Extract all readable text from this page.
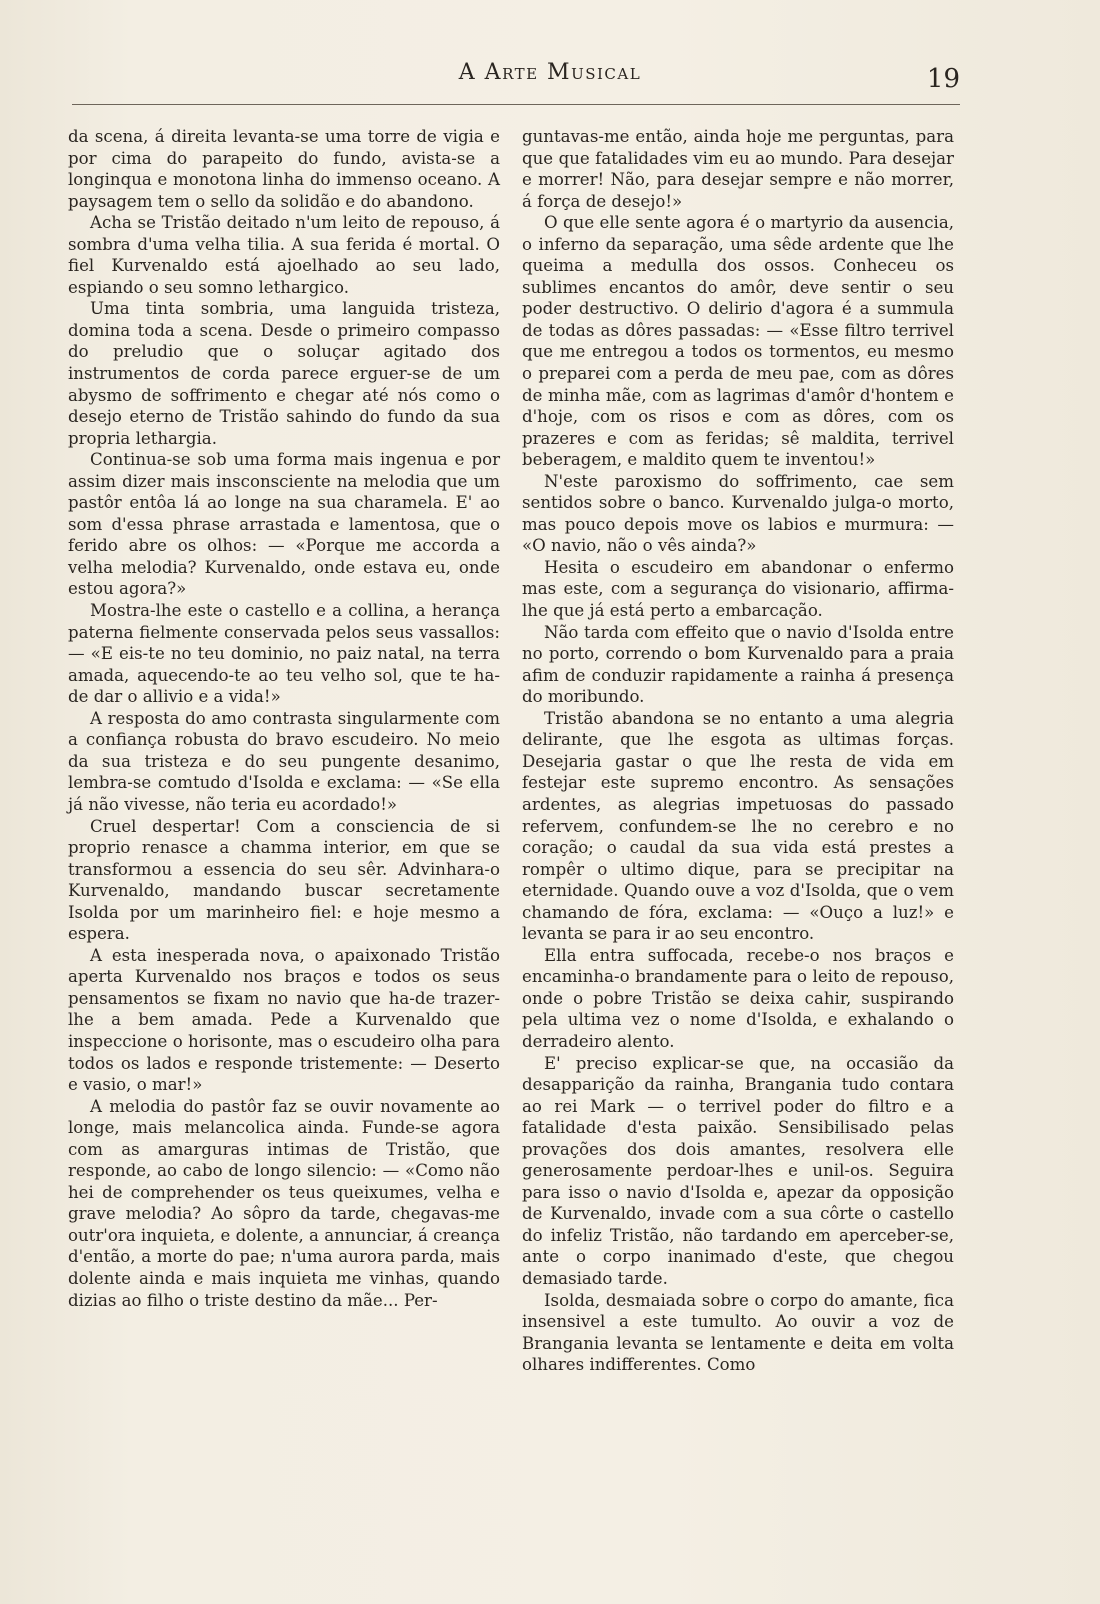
A Arte Musical	19

da scena, á direita levanta-se uma torre de vigia e por cima do parapeito do fundo, avista-se a longinqua e monotona linha do immenso oceano. A paysagem tem o sello da solidão e do abandono.

Acha se Tristão deitado n'um leito de repouso, á sombra d'uma velha tilia. A sua ferida é mortal. O fiel Kurvenaldo está ajoelhado ao seu lado, espiando o seu somno lethargico.

Uma tinta sombria, uma languida tristeza, domina toda a scena. Desde o primeiro compasso do preludio que o soluçar agitado dos instrumentos de corda parece erguer-se de um abysmo de soffrimento e chegar até nós como o desejo eterno de Tristão sahindo do fundo da sua propria lethargia.

Continua-se sob uma forma mais ingenua e por assim dizer mais insconsciente na melodia que um pastôr entôa lá ao longe na sua charamela. E' ao som d'essa phrase arrastada e lamentosa, que o ferido abre os olhos: — «Porque me accorda a velha melodia? Kurvenaldo, onde estava eu, onde estou agora?»

Mostra-lhe este o castello e a collina, a herança paterna fielmente conservada pelos seus vassallos: — «E eis-te no teu dominio, no paiz natal, na terra amada, aquecendo-te ao teu velho sol, que te ha-de dar o allivio e a vida!»

A resposta do amo contrasta singularmente com a confiança robusta do bravo escudeiro. No meio da sua tristeza e do seu pungente desanimo, lembra-se comtudo d'Isolda e exclama: — «Se ella já não vivesse, não teria eu acordado!»

Cruel despertar! Com a consciencia de si proprio renasce a chamma interior, em que se transformou a essencia do seu sêr. Advinhara-o Kurvenaldo, mandando buscar secretamente Isolda por um marinheiro fiel: e hoje mesmo a espera.

A esta inesperada nova, o apaixonado Tristão aperta Kurvenaldo nos braços e todos os seus pensamentos se fixam no navio que ha-de trazer-lhe a bem amada. Pede a Kurvenaldo que inspeccione o horisonte, mas o escudeiro olha para todos os lados e responde tristemente: — Deserto e vasio, o mar!»

A melodia do pastôr faz se ouvir novamente ao longe, mais melancolica ainda. Funde-se agora com as amarguras intimas de Tristão, que responde, ao cabo de longo silencio: — «Como não hei de comprehender os teus queixumes, velha e grave melodia? Ao sôpro da tarde, chegavas-me outr'ora inquieta, e dolente, a annunciar, á creança d'então, a morte do pae; n'uma aurora parda, mais dolente ainda e mais inquieta me vinhas, quando dizias ao filho o triste destino da mãe... Per-

guntavas-me então, ainda hoje me perguntas, para que que fatalidades vim eu ao mundo. Para desejar e morrer! Não, para desejar sempre e não morrer, á força de desejo!»

O que elle sente agora é o martyrio da ausencia, o inferno da separação, uma sêde ardente que lhe queima a medulla dos ossos. Conheceu os sublimes encantos do amôr, deve sentir o seu poder destructivo. O delirio d'agora é a summula de todas as dôres passadas: — «Esse filtro terrivel que me entregou a todos os tormentos, eu mesmo o preparei com a perda de meu pae, com as dôres de minha mãe, com as lagrimas d'amôr d'hontem e d'hoje, com os risos e com as dôres, com os prazeres e com as feridas; sê maldita, terrivel beberagem, e maldito quem te inventou!»

N'este paroxismo do soffrimento, cae sem sentidos sobre o banco. Kurvenaldo julga-o morto, mas pouco depois move os labios e murmura: — «O navio, não o vês ainda?»

Hesita o escudeiro em abandonar o enfermo mas este, com a segurança do visionario, affirma-lhe que já está perto a embarcação.

Não tarda com effeito que o navio d'Isolda entre no porto, correndo o bom Kurvenaldo para a praia afim de conduzir rapidamente a rainha á presença do moribundo.

Tristão abandona se no entanto a uma alegria delirante, que lhe esgota as ultimas forças. Desejaria gastar o que lhe resta de vida em festejar este supremo encontro. As sensações ardentes, as alegrias impetuosas do passado refervem, confundem-se lhe no cerebro e no coração; o caudal da sua vida está prestes a rompêr o ultimo dique, para se precipitar na eternidade. Quando ouve a voz d'Isolda, que o vem chamando de fóra, exclama: — «Ouço a luz!» e levanta se para ir ao seu encontro.

Ella entra suffocada, recebe-o nos braços e encaminha-o brandamente para o leito de repouso, onde o pobre Tristão se deixa cahir, suspirando pela ultima vez o nome d'Isolda, e exhalando o derradeiro alento.

E' preciso explicar-se que, na occasião da desapparição da rainha, Brangania tudo contara ao rei Mark — o terrivel poder do filtro e a fatalidade d'esta paixão. Sensibilisado pelas provações dos dois amantes, resolvera elle generosamente perdoar-lhes e unil-os. Seguira para isso o navio d'Isolda e, apezar da opposição de Kurvenaldo, invade com a sua côrte o castello do infeliz Tristão, não tardando em aperceber-se, ante o corpo inanimado d'este, que chegou demasiado tarde.

Isolda, desmaiada sobre o corpo do amante, fica insensivel a este tumulto. Ao ouvir a voz de Brangania levanta se lentamente e deita em volta olhares indifferentes. Como
